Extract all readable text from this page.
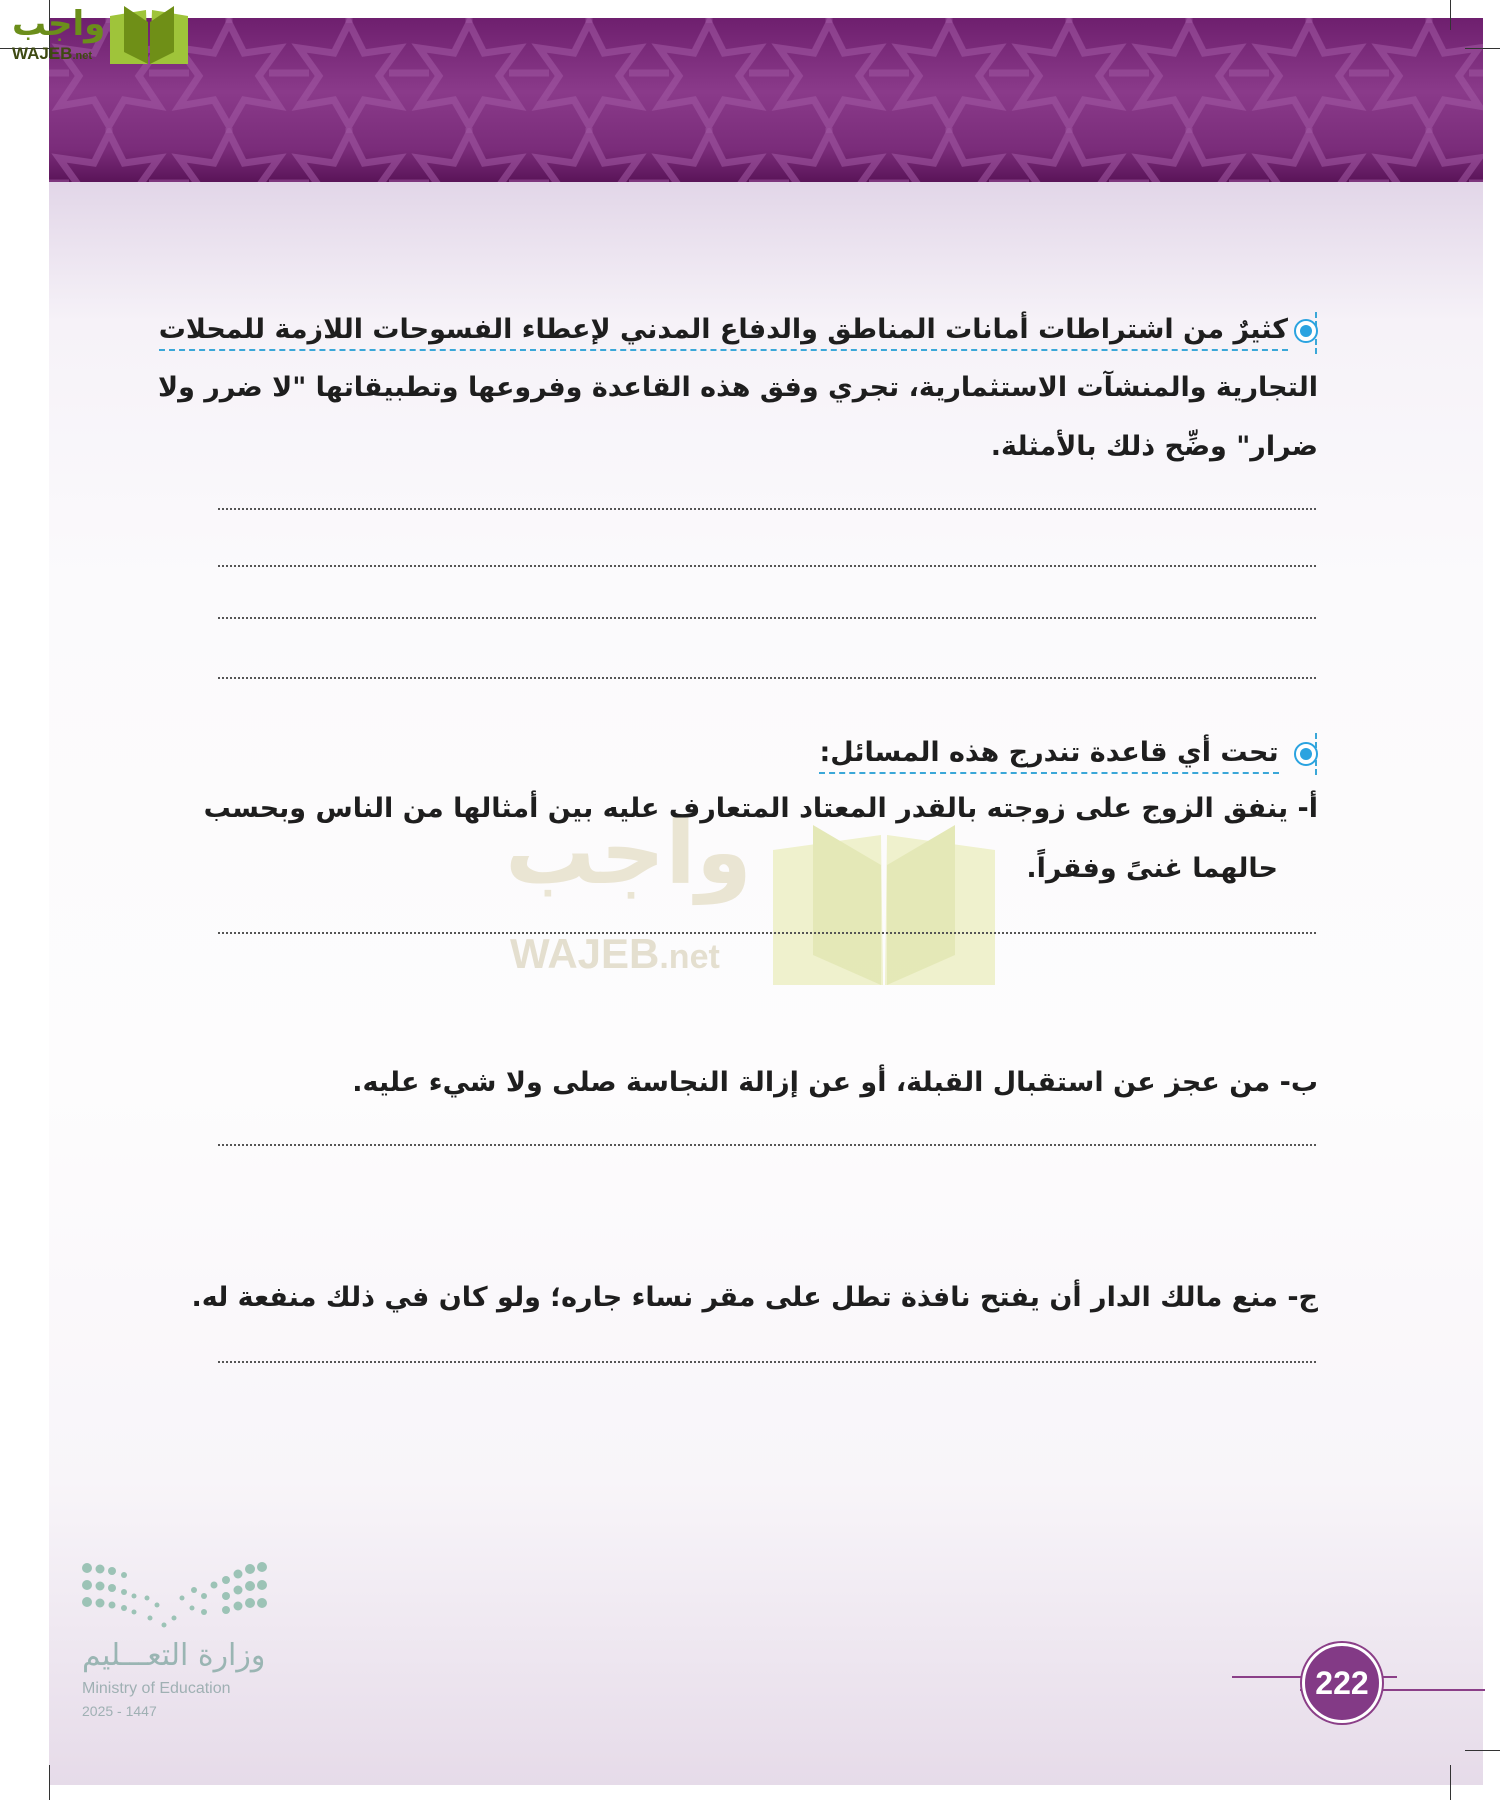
واجب
WAJEB.net
كثيرٌ من اشتراطات أمانات المناطق والدفاع المدني لإعطاء الفسوحات اللازمة للمحلات
التجارية والمنشآت الاستثمارية، تجري وفق هذه القاعدة وفروعها وتطبيقاتها "لا ضرر ولا
ضرار" وضِّح ذلك بالأمثلة.
واجب
WAJEB.net
تحت أي قاعدة تندرج هذه المسائل:
أ- ينفق الزوج على زوجته بالقدر المعتاد المتعارف عليه بين أمثالها من الناس وبحسب
حالهما غنىً وفقراً.
ب- من عجز عن استقبال القبلة، أو عن إزالة النجاسة صلى ولا شيء عليه.
ج- منع مالك الدار أن يفتح نافذة تطل على مقر نساء جاره؛ ولو كان في ذلك منفعة له.
وزارة التعـــليم
Ministry of Education
2025 - 1447
222
